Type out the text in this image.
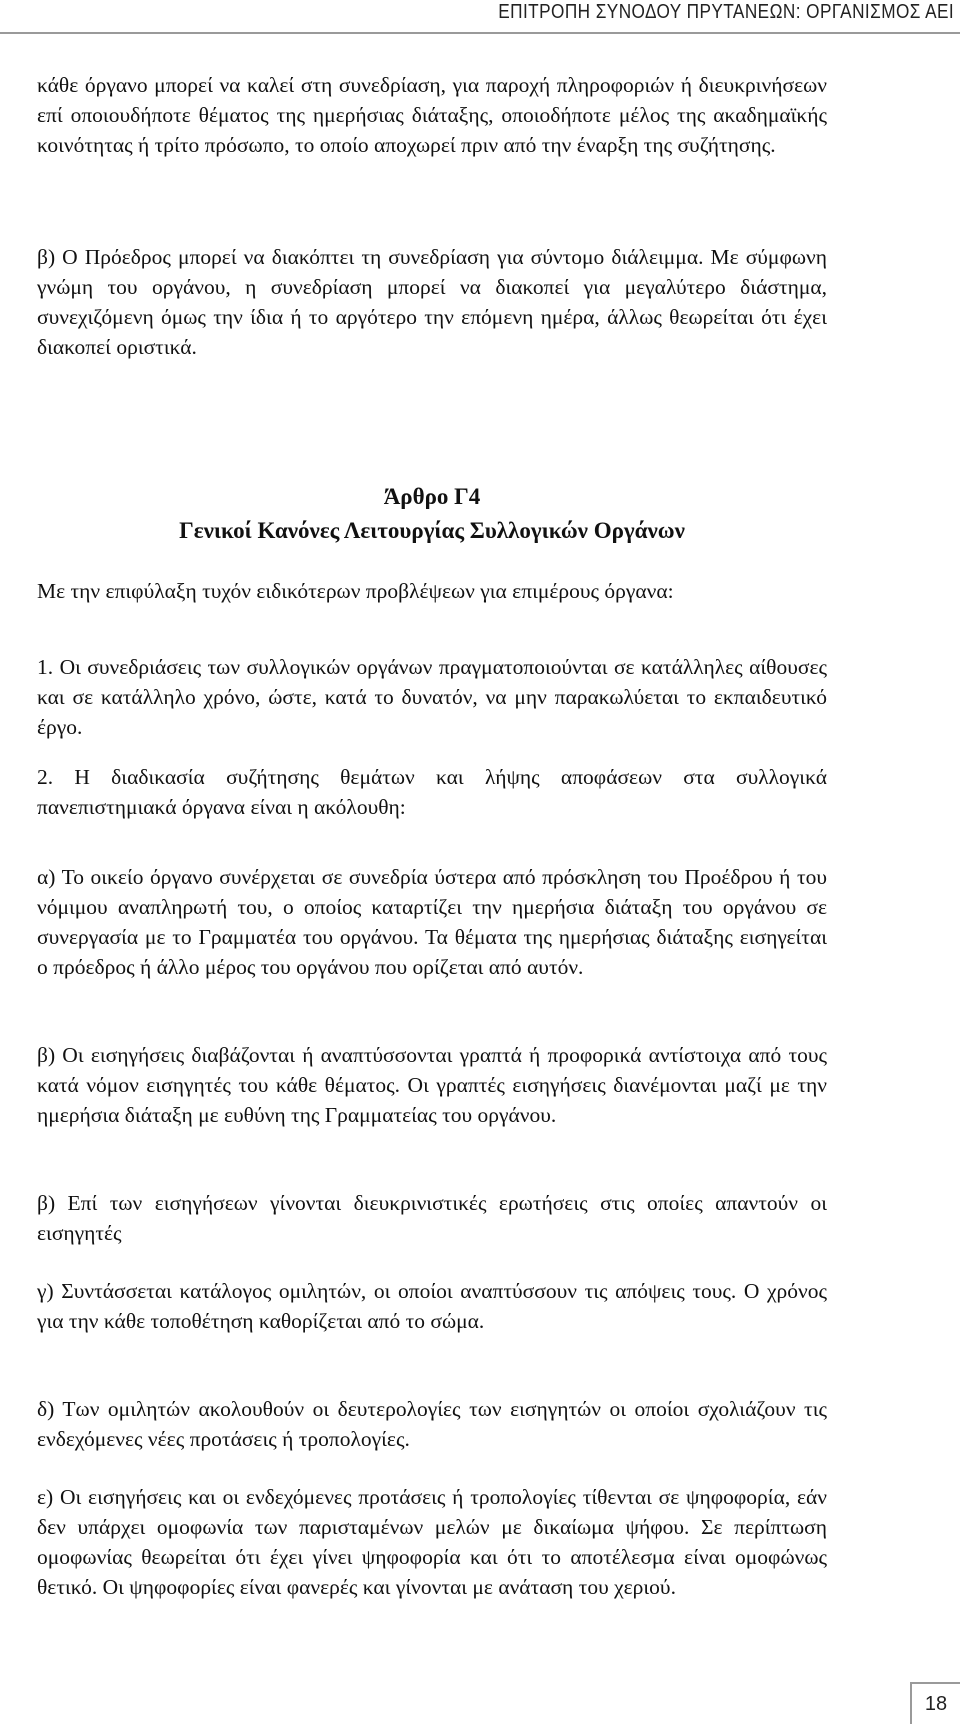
ΕΠΙΤΡΟΠΗ ΣΥΝΟΔΟΥ ΠΡΥΤΑΝΕΩΝ: ΟΡΓΑΝΙΣΜΟΣ ΑΕΙ

κάθε όργανο μπορεί να καλεί στη συνεδρίαση, για παροχή πληροφοριών ή διευκρινήσεων επί οποιουδήποτε θέματος της ημερήσιας διάταξης, οποιοδήποτε μέλος της ακαδημαϊκής κοινότητας ή τρίτο πρόσωπο, το οποίο αποχωρεί πριν από την έναρξη της συζήτησης.

β) Ο Πρόεδρος μπορεί να διακόπτει τη συνεδρίαση για σύντομο διάλειμμα. Με σύμφωνη γνώμη του οργάνου, η συνεδρίαση μπορεί να διακοπεί για μεγαλύτερο διάστημα, συνεχιζόμενη όμως την ίδια ή το αργότερο την επόμενη ημέρα, άλλως θεωρείται ότι έχει διακοπεί οριστικά.

Άρθρο Γ4

Γενικοί Κανόνες Λειτουργίας Συλλογικών Οργάνων

Με την επιφύλαξη τυχόν ειδικότερων προβλέψεων για επιμέρους όργανα:

1. Οι συνεδριάσεις των συλλογικών οργάνων πραγματοποιούνται σε κατάλληλες αίθουσες και σε κατάλληλο χρόνο, ώστε, κατά το δυνατόν, να μην παρακωλύεται το εκπαιδευτικό έργο.

2. Η διαδικασία συζήτησης θεμάτων και λήψης αποφάσεων στα συλλογικά πανεπιστημιακά όργανα είναι η ακόλουθη:

α) Το οικείο όργανο συνέρχεται σε συνεδρία ύστερα από πρόσκληση του Προέδρου ή του νόμιμου αναπληρωτή του, ο οποίος καταρτίζει την ημερήσια διάταξη του οργάνου σε συνεργασία με το Γραμματέα του οργάνου. Τα θέματα της ημερήσιας διάταξης εισηγείται ο πρόεδρος ή άλλο μέρος του οργάνου που ορίζεται από αυτόν.

β) Οι εισηγήσεις διαβάζονται ή αναπτύσσονται γραπτά ή προφορικά αντίστοιχα από τους κατά νόμον εισηγητές του κάθε θέματος. Οι γραπτές εισηγήσεις διανέμονται μαζί με την ημερήσια διάταξη με ευθύνη της Γραμματείας του οργάνου.

β) Επί των εισηγήσεων γίνονται διευκρινιστικές ερωτήσεις στις οποίες απαντούν οι εισηγητές

γ) Συντάσσεται κατάλογος ομιλητών, οι οποίοι αναπτύσσουν τις απόψεις τους. Ο χρόνος για την κάθε τοποθέτηση καθορίζεται από το σώμα.

δ) Των ομιλητών ακολουθούν οι δευτερολογίες των εισηγητών οι οποίοι σχολιάζουν τις ενδεχόμενες νέες προτάσεις ή τροπολογίες.

ε) Οι εισηγήσεις και οι ενδεχόμενες προτάσεις ή τροπολογίες τίθενται σε ψηφοφορία, εάν δεν υπάρχει ομοφωνία των παρισταμένων μελών με δικαίωμα ψήφου. Σε περίπτωση ομοφωνίας θεωρείται ότι έχει γίνει ψηφοφορία και ότι το αποτέλεσμα είναι ομοφώνως θετικό. Οι ψηφοφορίες είναι φανερές και γίνονται με ανάταση του χεριού.

18
